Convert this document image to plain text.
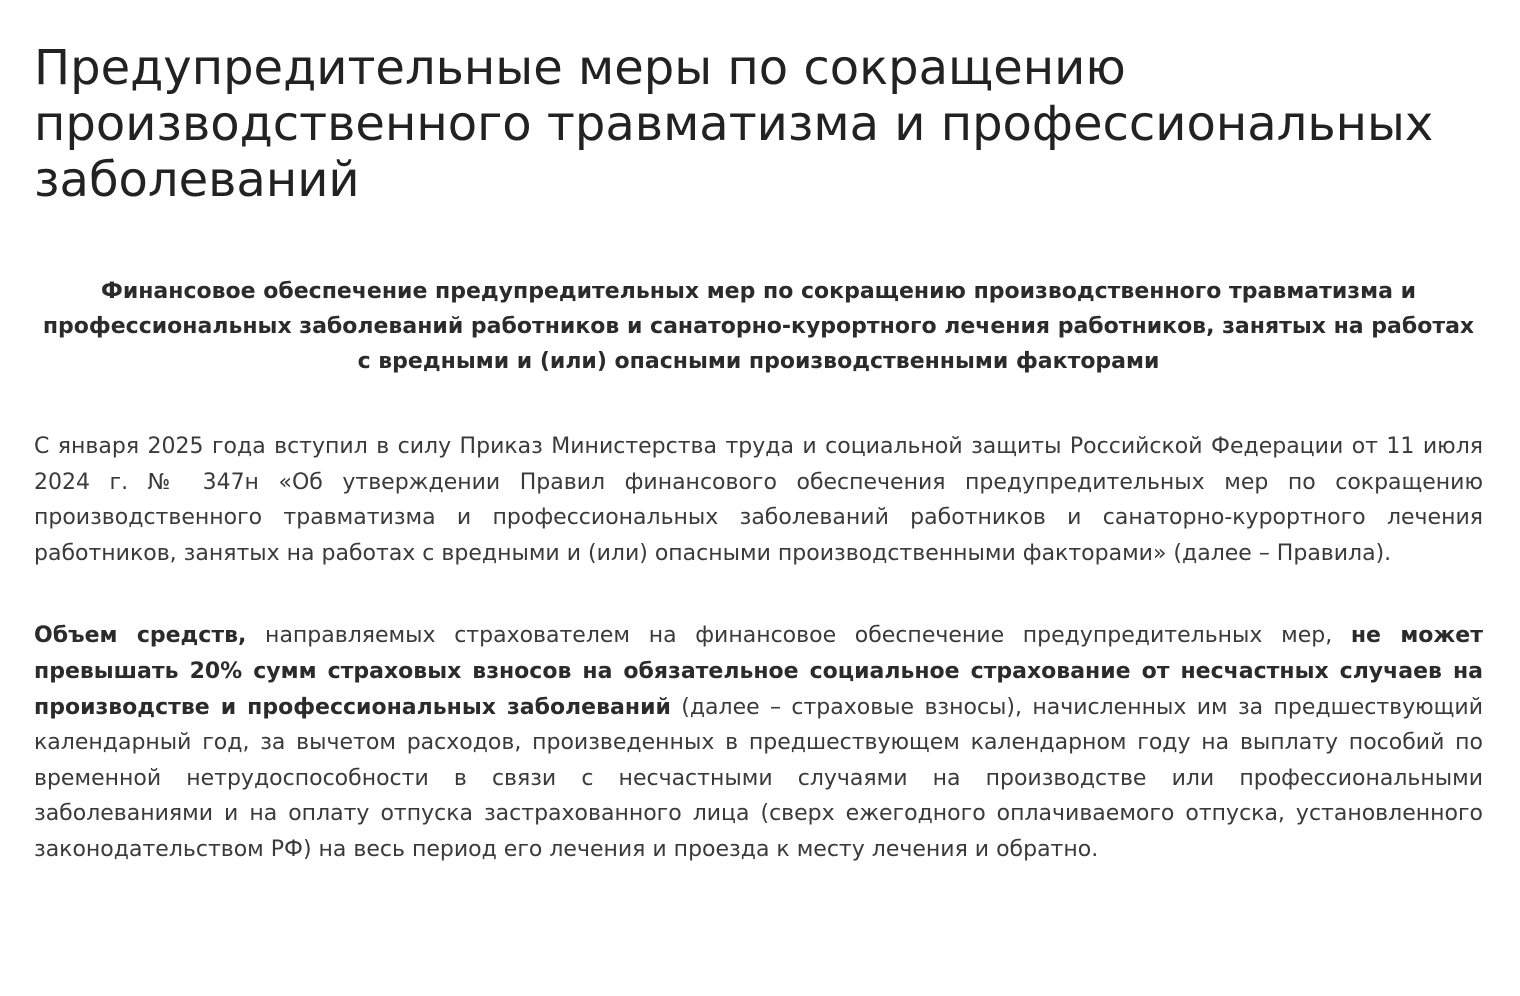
Предупредительные меры по сокращению производственного травматизма и профессиональных заболеваний

Финансовое обеспечение предупредительных мер по сокращению производственного травматизма и профессиональных заболеваний работников и санаторно-курортного лечения работников, занятых на работах с вредными и (или) опасными производственными факторами

С января 2025 года вступил в силу Приказ Министерства труда и социальной защиты Российской Федерации от 11 июля 2024 г. № 347н «Об утверждении Правил финансового обеспечения предупредительных мер по сокращению производственного травматизма и профессиональных заболеваний работников и санаторно-курортного лечения работников, занятых на работах с вредными и (или) опасными производственными факторами» (далее – Правила).

Объем средств, направляемых страхователем на финансовое обеспечение предупредительных мер, не может превышать 20% сумм страховых взносов на обязательное социальное страхование от несчастных случаев на производстве и профессиональных заболеваний (далее – страховые взносы), начисленных им за предшествующий календарный год, за вычетом расходов, произведенных в предшествующем календарном году на выплату пособий по временной нетрудоспособности в связи с несчастными случаями на производстве или профессиональными заболеваниями и на оплату отпуска застрахованного лица (сверх ежегодного оплачиваемого отпуска, установленного законодательством РФ) на весь период его лечения и проезда к месту лечения и обратно.
